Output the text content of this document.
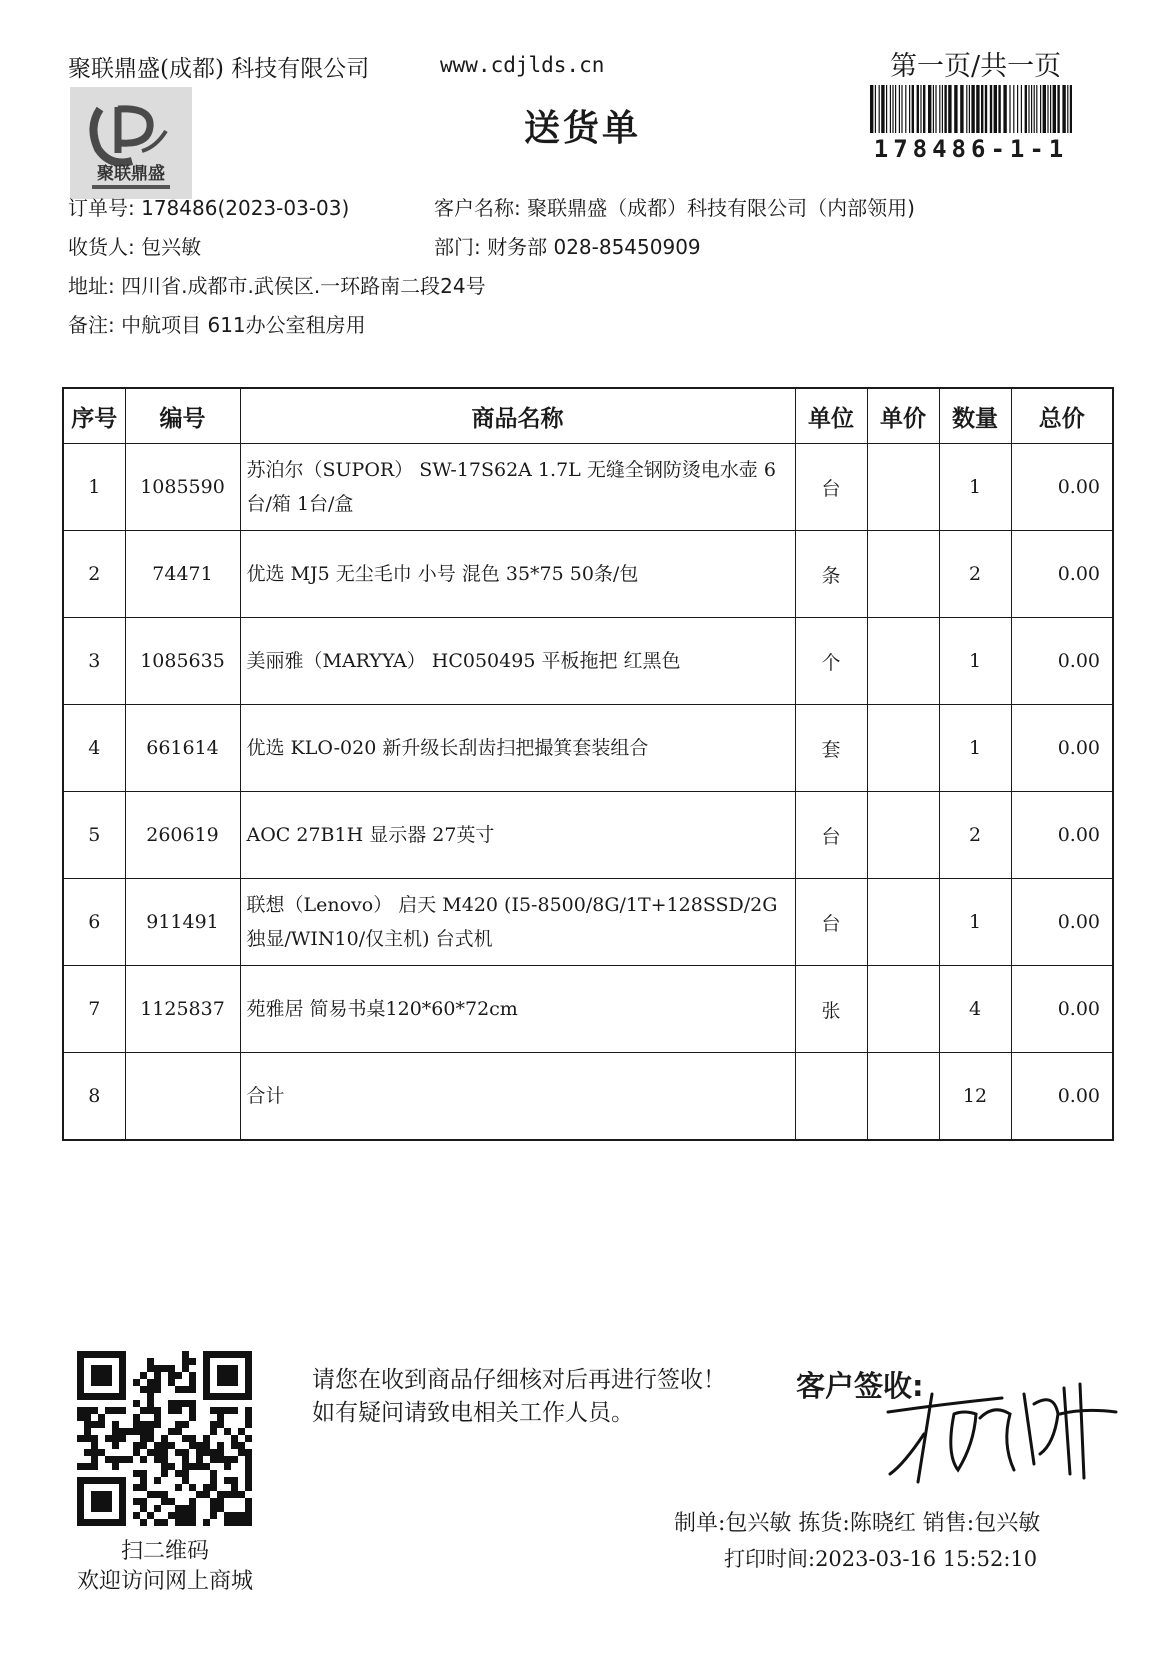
聚联鼎盛(成都) 科技有限公司	www.cdjlds.cn	第一页/共一页
聚联鼎盛
送货单	178486-1-1
订单号: 178486(2023-03-03)	客户名称: 聚联鼎盛（成都）科技有限公司（内部领用)
收货人: 包兴敏	部门: 财务部 028-85450909
地址: 四川省.成都市.武侯区.一环路南二段24号
备注: 中航项目 611办公室租房用
序号	编号	商品名称	单位	单价	数量	总价
1	1085590	苏泊尔（SUPOR） SW-17S62A 1.7L 无缝全钢防烫电水壶 6台/箱 1台/盒	台		1	0.00
2	74471	优选 MJ5 无尘毛巾 小号 混色 35*75 50条/包	条		2	0.00
3	1085635	美丽雅（MARYYA） HC050495 平板拖把 红黑色	个		1	0.00
4	661614	优选 KLO-020 新升级长刮齿扫把撮箕套装组合	套		1	0.00
5	260619	AOC 27B1H 显示器 27英寸	台		2	0.00
6	911491	联想（Lenovo） 启天 M420 (I5-8500/8G/1T+128SSD/2G独显/WIN10/仅主机) 台式机	台		1	0.00
7	1125837	苑雅居 简易书桌120*60*72cm	张		4	0.00
8		合计			12	0.00
扫二维码
欢迎访问网上商城
请您在收到商品仔细核对后再进行签收！如有疑问请致电相关工作人员。
客户签收:
制单:包兴敏 拣货:陈晓红 销售:包兴敏
打印时间:2023-03-16 15:52:10
